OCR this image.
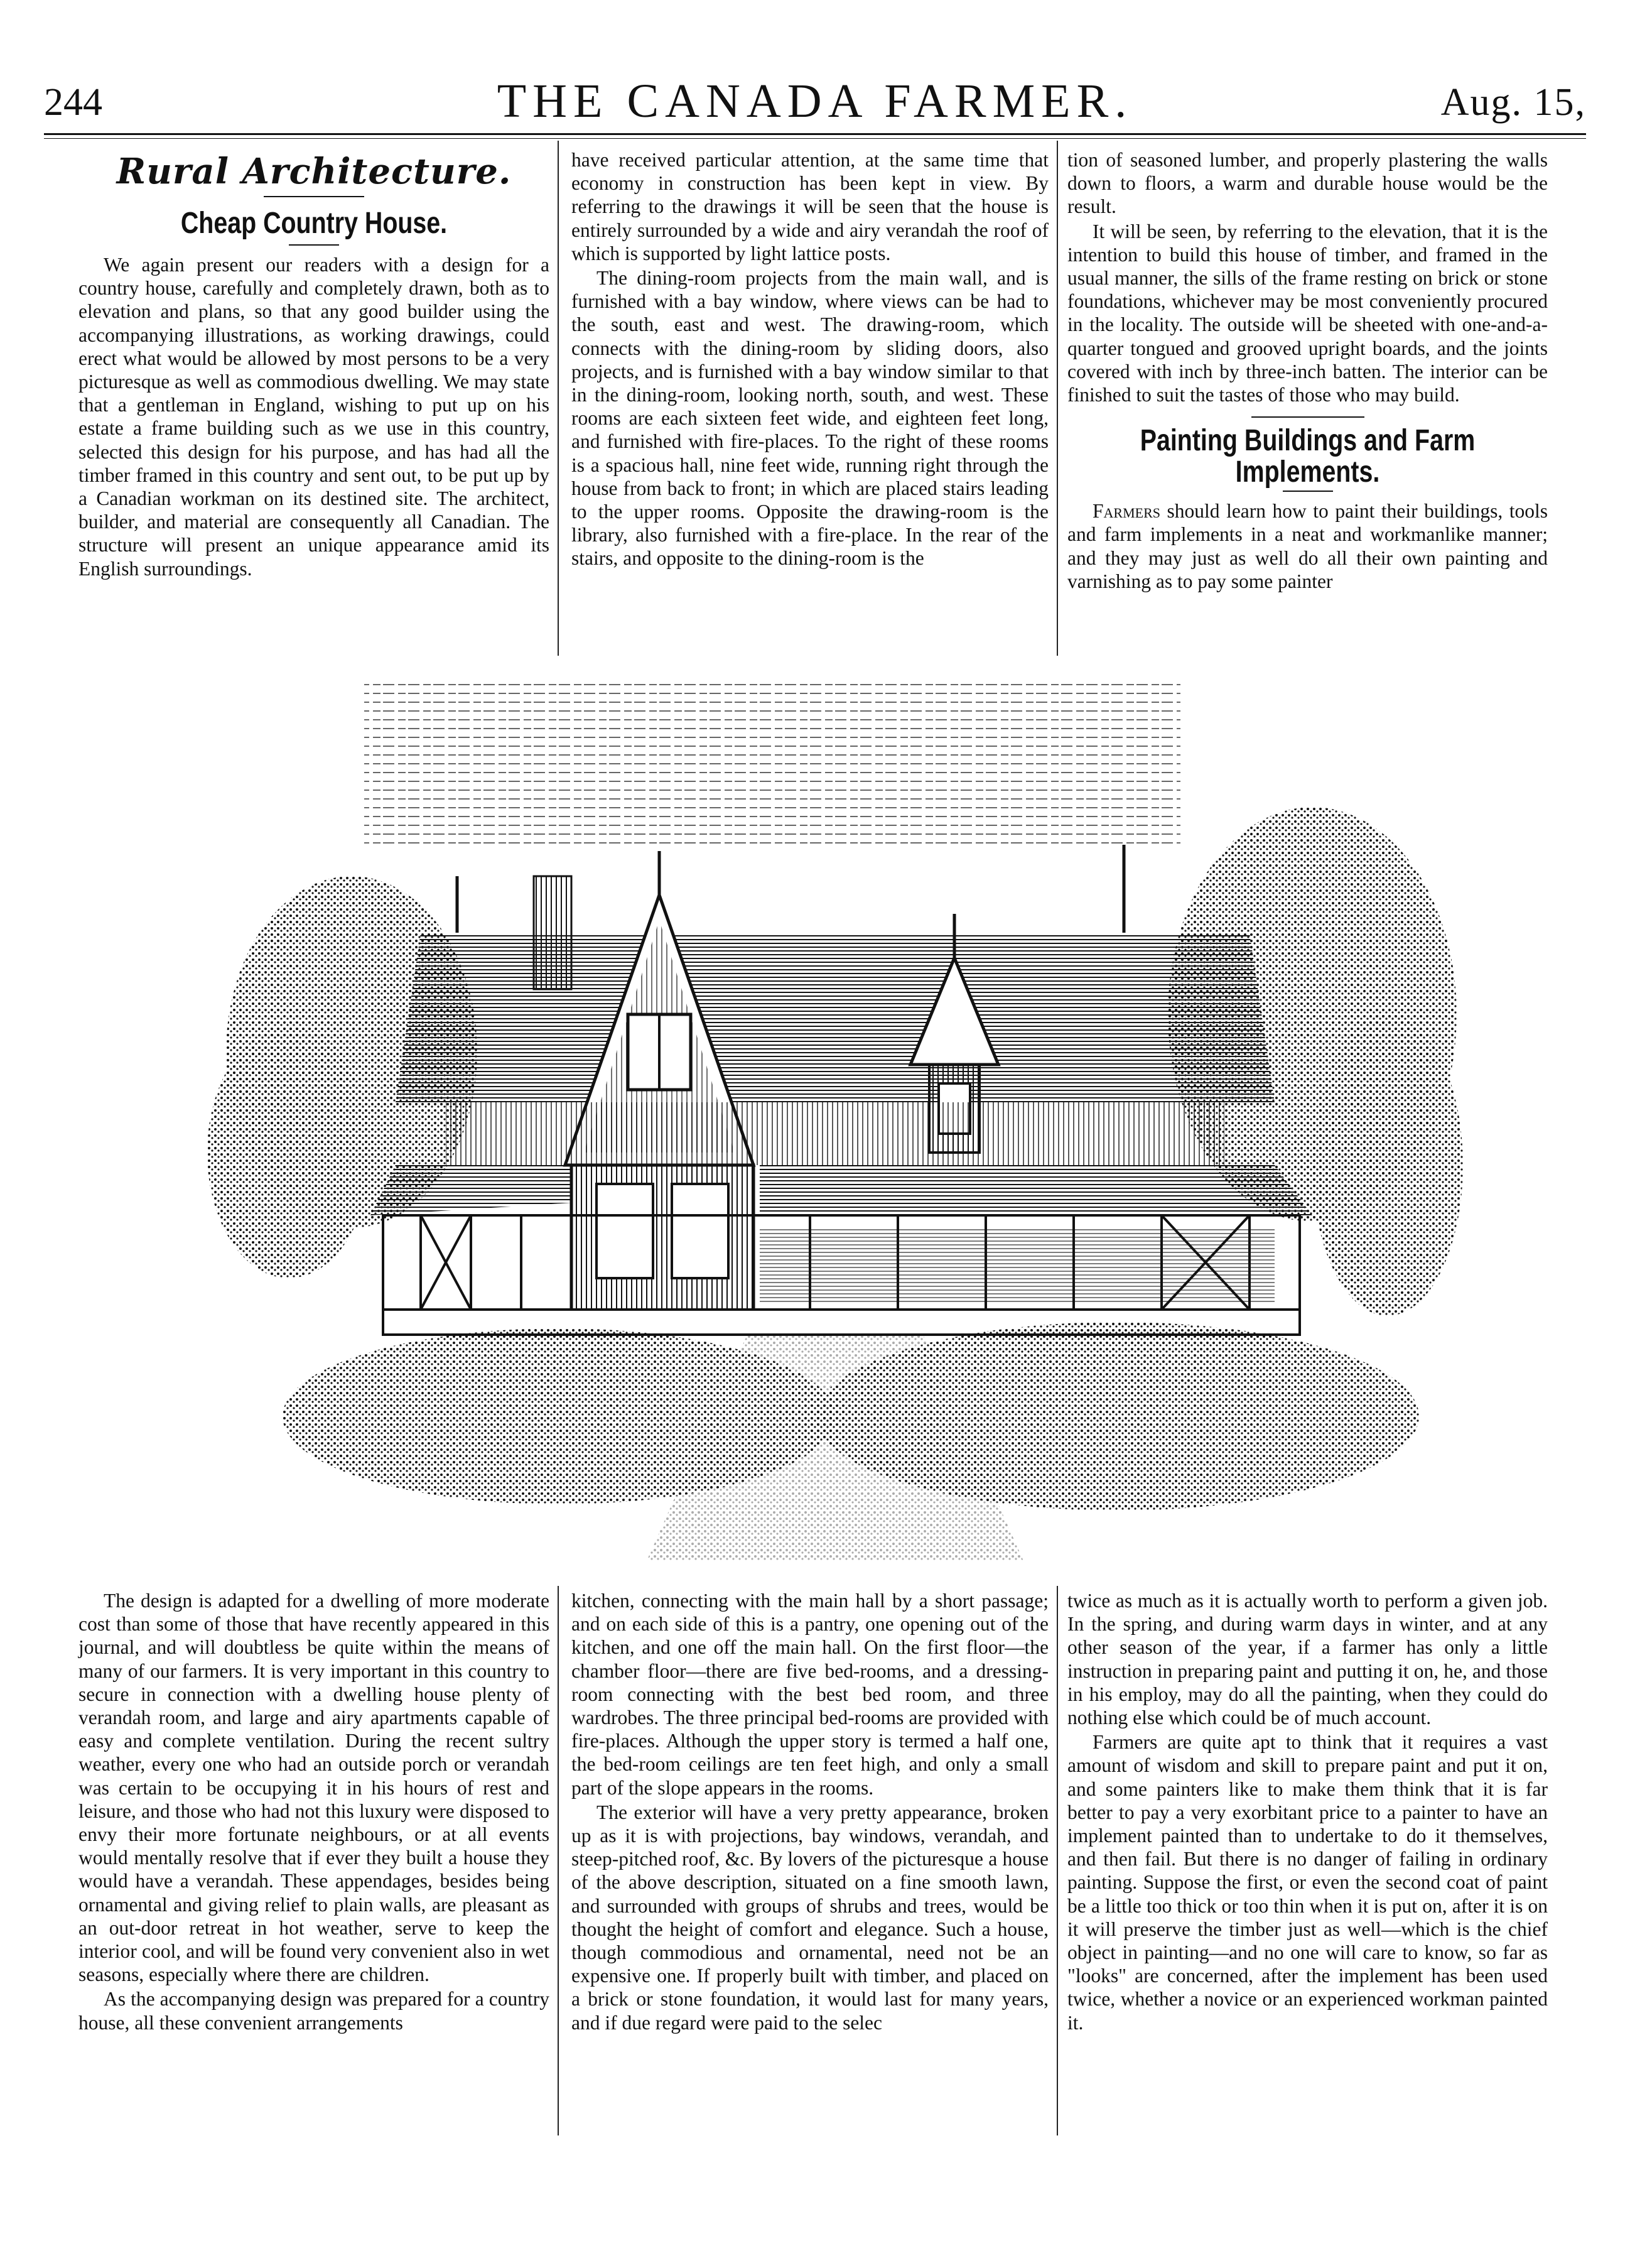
244	THE CANADA FARMER.	Aug. 15,
Rural Architecture.
Cheap Country House.

We again present our readers with a design for a country house, carefully and completely drawn, both as to elevation and plans, so that any good builder using the accompanying illustrations, as working drawings, could erect what would be allowed by most persons to be a very picturesque as well as commodious dwelling. We may state that a gentleman in England, wishing to put up on his estate a frame building such as we use in this country, selected this design for his purpose, and has had all the timber framed in this country and sent out, to be put up by a Canadian workman on its destined site. The architect, builder, and material are consequently all Canadian. The structure will present an unique appearance amid its English surroundings.

have received particular attention, at the same time that economy in construction has been kept in view. By referring to the drawings it will be seen that the house is entirely surrounded by a wide and airy verandah the roof of which is supported by light lattice posts.

The dining-room projects from the main wall, and is furnished with a bay window, where views can be had to the south, east and west. The drawing-room, which connects with the dining-room by sliding doors, also projects, and is furnished with a bay window similar to that in the dining-room, looking north, south, and west. These rooms are each sixteen feet wide, and eighteen feet long, and furnished with fire-places. To the right of these rooms is a spacious hall, nine feet wide, running right through the house from back to front; in which are placed stairs leading to the upper rooms. Opposite the drawing-room is the library, also furnished with a fire-place. In the rear of the stairs, and opposite to the dining-room is the

tion of seasoned lumber, and properly plastering the walls down to floors, a warm and durable house would be the result.

It will be seen, by referring to the elevation, that it is the intention to build this house of timber, and framed in the usual manner, the sills of the frame resting on brick or stone foundations, whichever may be most conveniently procured in the locality. The outside will be sheeted with one-and-a-quarter tongued and grooved upright boards, and the joints covered with inch by three-inch batten. The interior can be finished to suit the tastes of those who may build.

Painting Buildings and Farm Implements.

Farmers should learn how to paint their buildings, tools and farm implements in a neat and workmanlike manner; and they may just as well do all their own painting and varnishing as to pay some painter

The design is adapted for a dwelling of more moderate cost than some of those that have recently appeared in this journal, and will doubtless be quite within the means of many of our farmers. It is very important in this country to secure in connection with a dwelling house plenty of verandah room, and large and airy apartments capable of easy and complete ventilation. During the recent sultry weather, every one who had an outside porch or verandah was certain to be occupying it in his hours of rest and leisure, and those who had not this luxury were disposed to envy their more fortunate neighbours, or at all events would mentally resolve that if ever they built a house they would have a verandah. These appendages, besides being ornamental and giving relief to plain walls, are pleasant as an out-door retreat in hot weather, serve to keep the interior cool, and will be found very convenient also in wet seasons, especially where there are children.

As the accompanying design was prepared for a country house, all these convenient arrangements

kitchen, connecting with the main hall by a short passage; and on each side of this is a pantry, one opening out of the kitchen, and one off the main hall. On the first floor—the chamber floor—there are five bed-rooms, and a dressing-room connecting with the best bed room, and three wardrobes. The three principal bed-rooms are provided with fire-places. Although the upper story is termed a half one, the bed-room ceilings are ten feet high, and only a small part of the slope appears in the rooms.

The exterior will have a very pretty appearance, broken up as it is with projections, bay windows, verandah, and steep-pitched roof, &c. By lovers of the picturesque a house of the above description, situated on a fine smooth lawn, and surrounded with groups of shrubs and trees, would be thought the height of comfort and elegance. Such a house, though commodious and ornamental, need not be an expensive one. If properly built with timber, and placed on a brick or stone foundation, it would last for many years, and if due regard were paid to the selec

twice as much as it is actually worth to perform a given job. In the spring, and during warm days in winter, and at any other season of the year, if a farmer has only a little instruction in preparing paint and putting it on, he, and those in his employ, may do all the painting, when they could do nothing else which could be of much account.

Farmers are quite apt to think that it requires a vast amount of wisdom and skill to prepare paint and put it on, and some painters like to make them think that it is far better to pay a very exorbitant price to a painter to have an implement painted than to undertake to do it themselves, and then fail. But there is no danger of failing in ordinary painting. Suppose the first, or even the second coat of paint be a little too thick or too thin when it is put on, after it is on it will preserve the timber just as well—which is the chief object in painting—and no one will care to know, so far as "looks" are concerned, after the implement has been used twice, whether a novice or an experienced workman painted it.
